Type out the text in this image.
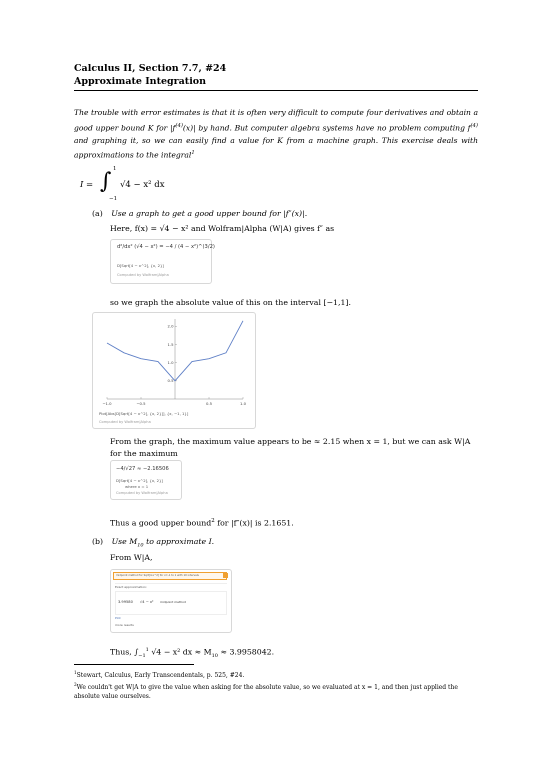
Calculus II, Section 7.7, #24
Approximate Integration
The trouble with error estimates is that it is often very difficult to compute four derivatives and obtain a good upper bound K for $|f^{(4)}(x)|$ by hand. But computer algebra systems have no problem computing $f^{(4)}$ and graphing it, so we can easily find a value for K from a machine graph. This exercise deals with approximations to the integral$^1$
I = ∫ 1
−1
√4 − x² dx
(a) Use a graph to get a good upper bound for |f″(x)|.
Here, f(x) = √4 − x² and Wolfram|Alpha (W|A) gives f″ as
d²/dx² (√4 − x²) = −4 / (4 − x²)^(3/2)
D[Sqrt[4 − x^2], {x, 2}]
Computed by Wolfram|Alpha
so we graph the absolute value of this on the interval [−1,1].
−1.0	−0.5	0.5	1.0
0.5
1.0
1.5
2.0
Plot[Abs[D[Sqrt[4 − x^2], {x, 2}]], {x, −1, 1}]
Computed by Wolfram|Alpha
From the graph, the maximum value appears to be ≈ 2.15 when x = 1, but we can ask W|A for the maximum
−4/√27 ≈ −2.16506
D[Sqrt[4 − x^2], {x, 2}]
where x = 1
Computed by Wolfram|Alpha
Thus a good upper bound$^2$ for |f″(x)| is 2.1651.
(b) Use $M_{10}$ to approximate I.
From W|A,
midpoint method for Sqrt[4-x^2] for x=-1 to 1 with 10 intervals
Exact approximation:
3.99580 √4 − x² midpoint method
Plot
more results
Thus, $\int_{-1}^1$ √4 − x² dx ≈ $M_{10} \approx 3.9958042$.
$^1$Stewart, Calculus, Early Transcendentals, p. 525, #24.
$^2$We couldn't get W|A to give the value when asking for the absolute value, so we evaluated at x = 1, and then just applied the absolute value ourselves.
